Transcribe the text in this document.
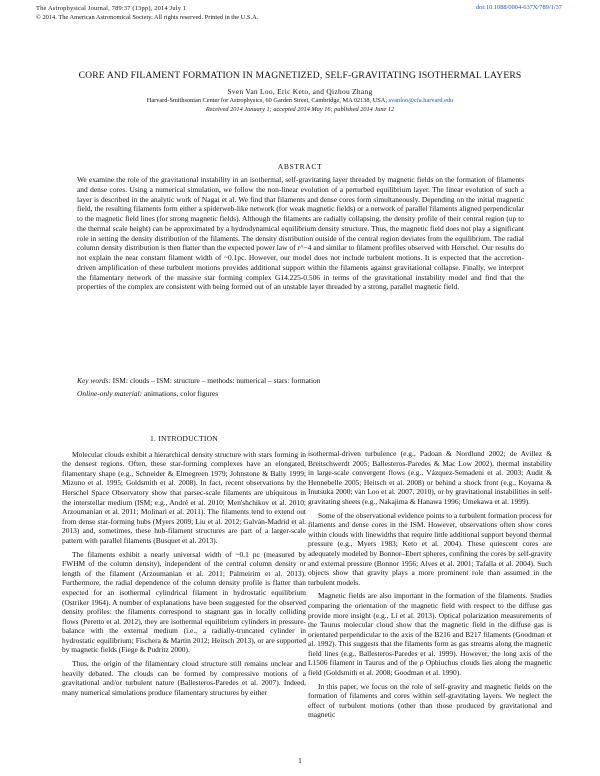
The Astrophysical Journal, 789:37 (13pp), 2014 July 1
© 2014. The American Astronomical Society. All rights reserved. Printed in the U.S.A.
doi:10.1088/0004-637X/789/1/37
CORE AND FILAMENT FORMATION IN MAGNETIZED, SELF-GRAVITATING ISOTHERMAL LAYERS
Sven Van Loo, Eric Keto, and Qizhou Zhang
Harvard-Smithsonian Center for Astrophysics, 60 Garden Street, Cambridge, MA 02138, USA; svanloo@cfa.harvard.edu
Received 2014 January 1; accepted 2014 May 16; published 2014 June 12
ABSTRACT

We examine the role of the gravitational instability in an isothermal, self-gravitating layer threaded by magnetic fields on the formation of filaments and dense cores. Using a numerical simulation, we follow the non-linear evolution of a perturbed equilibrium layer. The linear evolution of such a layer is described in the analytic work of Nagai et al. We find that filaments and dense cores form simultaneously. Depending on the initial magnetic field, the resulting filaments form either a spiderweb-like network (for weak magnetic fields) or a network of parallel filaments aligned perpendicular to the magnetic field lines (for strong magnetic fields). Although the filaments are radially collapsing, the density profile of their central region (up to the thermal scale height) can be approximated by a hydrodynamical equilibrium density structure. Thus, the magnetic field does not play a significant role in setting the density distribution of the filaments. The density distribution outside of the central region deviates from the equilibrium. The radial column density distribution is then flatter than the expected power law of r^−4 and similar to filament profiles observed with Herschel. Our results do not explain the near constant filament width of ~0.1pc. However, our model does not include turbulent motions. It is expected that the accretion-driven amplification of these turbulent motions provides additional support within the filaments against gravitational collapse. Finally, we interpret the filamentary network of the massive star forming complex G14.225-0.506 in terms of the gravitational instability model and find that the properties of the complex are consistent with being formed out of an unstable layer threaded by a strong, parallel magnetic field.

Key words: ISM: clouds – ISM: structure – methods: numerical – stars: formation

Online-only material: animations, color figures

1. INTRODUCTION

Molecular clouds exhibit a hierarchical density structure with stars forming in the densest regions. Often, these star-forming complexes have an elongated, filamentary shape (e.g., Schneider & Elmegreen 1979; Johnstone & Bally 1999; Mizuno et al. 1995; Goldsmith et al. 2008). In fact, recent observations by the Herschel Space Observatory show that parsec-scale filaments are ubiquitous in the interstellar medium (ISM; e.g., André et al. 2010; Men'shchikov et al. 2010; Arzoumanian et al. 2011; Molinari et al. 2011). The filaments tend to extend out from dense star-forming hubs (Myers 2009; Liu et al. 2012; Galván-Madrid et al. 2013) and, sometimes, these hub-filament structures are part of a larger-scale pattern with parallel filaments (Busquet et al. 2013).

The filaments exhibit a nearly universal width of ~0.1 pc (measured by FWHM of the column density), independent of the central column density or length of the filament (Arzoumanian et al. 2011; Palmeirim et al. 2013). Furthermore, the radial dependence of the column density profile is flatter than expected for an isothermal cylindrical filament in hydrostatic equilibrium (Ostriker 1964). A number of explanations have been suggested for the observed density profiles: the filaments correspond to stagnant gas in locally colliding flows (Peretto et al. 2012), they are isothermal equilibrium cylinders in pressure-balance with the external medium (i.e., a radially-truncated cylinder in hydrostatic equilibrium; Fischera & Martin 2012; Heitsch 2013), or are supported by magnetic fields (Fiege & Pudritz 2000).

Thus, the origin of the filamentary cloud structure still remains unclear and heavily debated. The clouds can be formed by compressive motions of a gravitational and/or turbulent nature (Ballesteros-Paredes et al. 2007). Indeed, many numerical simulations produce filamentary structures by either

isothermal-driven turbulence (e.g., Padoan & Nordlund 2002; de Avillez & Breitschwerdt 2005; Ballesteros-Paredes & Mac Low 2002), thermal instability in large-scale convergent flows (e.g., Vázquez-Semadeni et al. 2003; Audit & Hennebelle 2005; Heitsch et al. 2008) or behind a shock front (e.g., Koyama & Inutsuka 2000; van Loo et al. 2007, 2010), or by gravitational instabilities in self-gravitating sheets (e.g., Nakajima & Hanawa 1996; Umekawa et al. 1999).

Some of the observational evidence points to a turbulent formation process for filaments and dense cores in the ISM. However, observations often show cores within clouds with linewidths that require little additional support beyond thermal pressure (e.g., Myers 1983; Keto et al. 2004). These quiescent cores are adequately modeled by Bonnor–Ebert spheres, confining the cores by self-gravity and external pressure (Bonnor 1956; Alves et al. 2001; Tafalla et al. 2004). Such objects show that gravity plays a more prominent role than assumed in the turbulent models.

Magnetic fields are also important in the formation of the filaments. Studies comparing the orientation of the magnetic field with respect to the diffuse gas provide more insight (e.g., Li et al. 2013). Optical polarization measurements of the Taurus molecular cloud show that the magnetic field in the diffuse gas is orientated perpendicular to the axis of the B216 and B217 filaments (Goodman et al. 1992). This suggests that the filaments form as gas streams along the magnetic field lines (e.g., Ballesteros-Paredes et al. 1999). However, the long axis of the L1506 filament in Taurus and of the ρ Ophiuchus clouds lies along the magnetic field (Goldsmith et al. 2008; Goodman et al. 1990).

In this paper, we focus on the role of self-gravity and magnetic fields on the formation of filaments and cores within self-gravitating layers. We neglect the effect of turbulent motions (other than those produced by gravitational and magnetic

1
